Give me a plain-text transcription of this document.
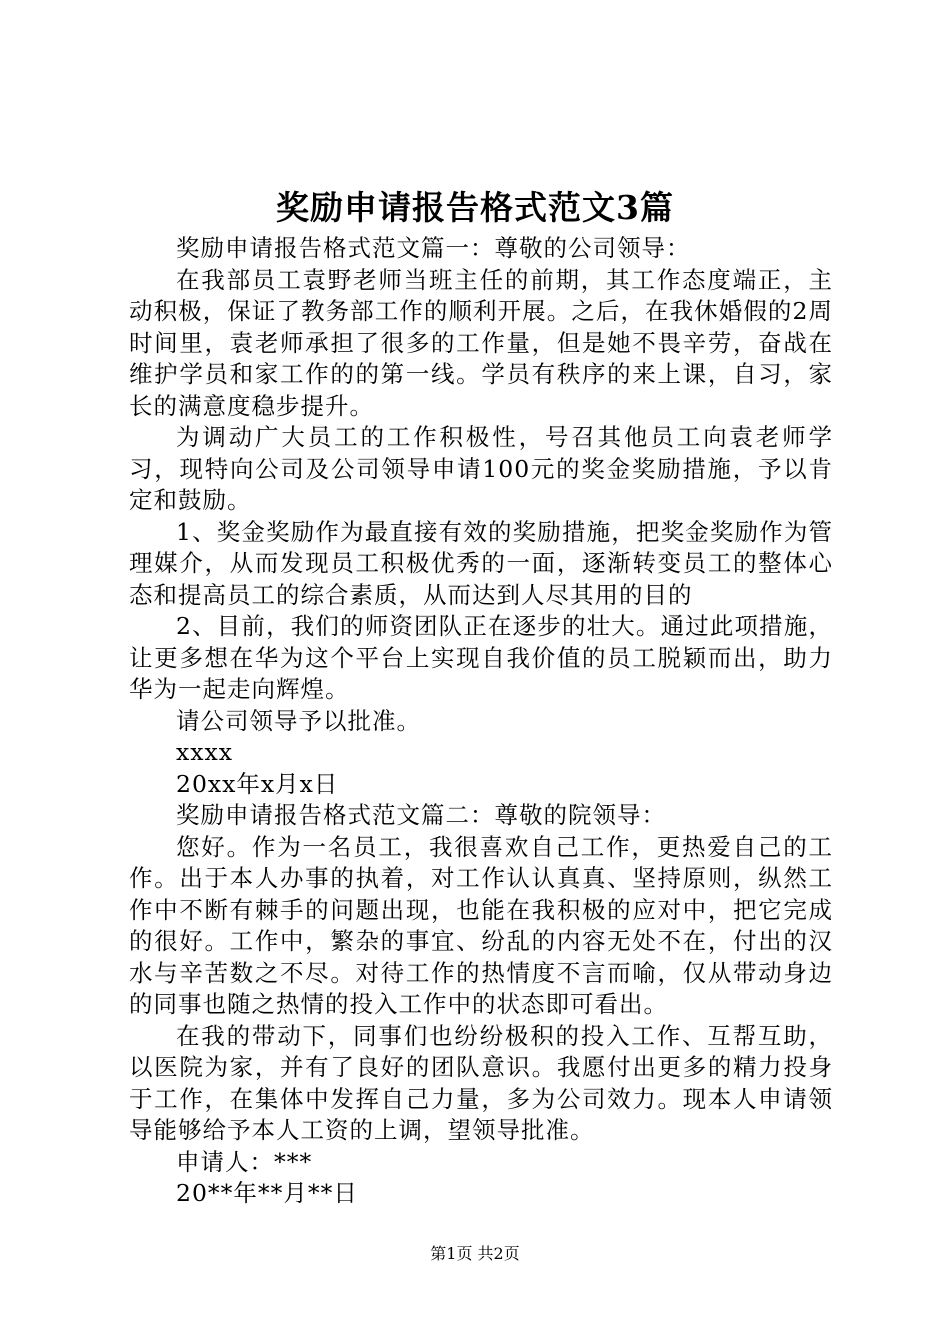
奖励申请报告格式范文3篇

奖励申请报告格式范文篇一：尊敬的公司领导：

在我部员工袁野老师当班主任的前期，其工作态度端正，主动积极，保证了教务部工作的顺利开展。之后，在我休婚假的2周时间里，袁老师承担了很多的工作量，但是她不畏辛劳，奋战在维护学员和家工作的的第一线。学员有秩序的来上课，自习，家长的满意度稳步提升。

为调动广大员工的工作积极性，号召其他员工向袁老师学习，现特向公司及公司领导申请100元的奖金奖励措施，予以肯定和鼓励。

1、奖金奖励作为最直接有效的奖励措施，把奖金奖励作为管理媒介，从而发现员工积极优秀的一面，逐渐转变员工的整体心态和提高员工的综合素质，从而达到人尽其用的目的

2、目前，我们的师资团队正在逐步的壮大。通过此项措施，让更多想在华为这个平台上实现自我价值的员工脱颖而出，助力华为一起走向辉煌。

请公司领导予以批准。

xxxx

20xx年x月x日

奖励申请报告格式范文篇二：尊敬的院领导：

您好。作为一名员工，我很喜欢自己工作，更热爱自己的工作。出于本人办事的执着，对工作认认真真、坚持原则，纵然工作中不断有棘手的问题出现，也能在我积极的应对中，把它完成的很好。工作中，繁杂的事宜、纷乱的内容无处不在，付出的汉水与辛苦数之不尽。对待工作的热情度不言而喻，仅从带动身边的同事也随之热情的投入工作中的状态即可看出。

在我的带动下，同事们也纷纷极积的投入工作、互帮互助，以医院为家，并有了良好的团队意识。我愿付出更多的精力投身于工作，在集体中发挥自己力量，多为公司效力。现本人申请领导能够给予本人工资的上调，望领导批准。

申请人：***

20**年**月**日

第1页 共2页
